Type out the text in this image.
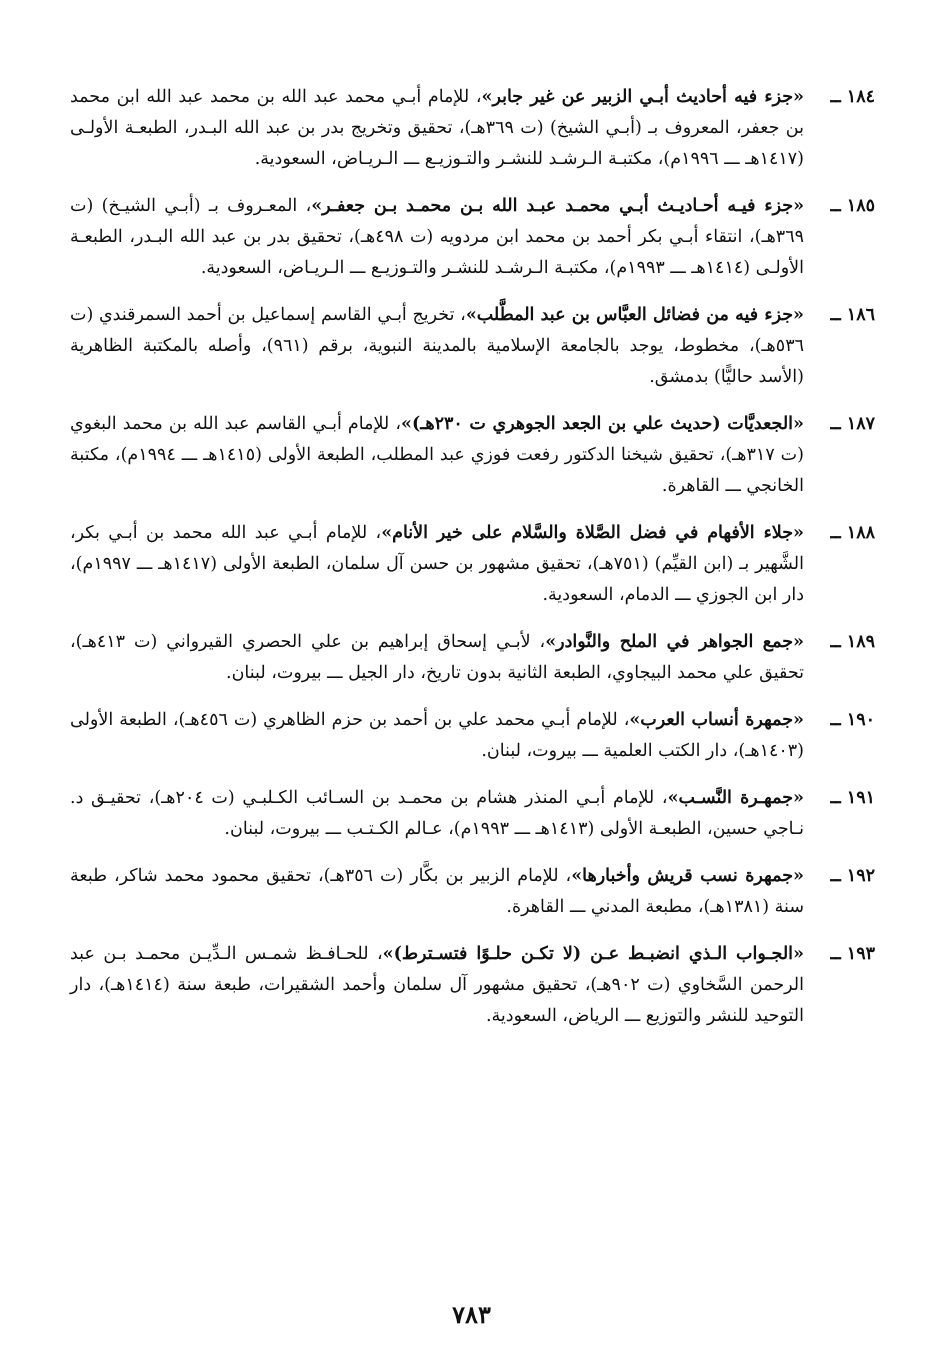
١٨٤ ــ
«جزء فيه أحاديث أبـي الزبير عن غير جابر»، للإمام أبـي محمد عبد الله بن محمد عبد الله ابن محمد بن جعفر، المعروف بـ (أبـي الشيخ) (ت ٣٦٩هـ)، تحقيق وتخريج بدر بن عبد الله البـدر، الطبعـة الأولـى (١٤١٧هـ ـــ ١٩٩٦م)، مكتبـة الـرشـد للنشـر والتـوزيـع ـــ الـريـاض، السعودية.
١٨٥ ــ
«جزء فيـه أحـاديـث أبـي محمـد عبـد الله بـن محمـد بـن جعفـر»، المعـروف بـ (أبـي الشيـخ) (ت ٣٦٩هـ)، انتقاء أبـي بكر أحمد بن محمد ابن مردويه (ت ٤٩٨هـ)، تحقيق بدر بن عبد الله البـدر، الطبعـة الأولـى (١٤١٤هـ ـــ ١٩٩٣م)، مكتبـة الـرشـد للنشـر والتـوزيـع ـــ الـريـاض، السعودية.
١٨٦ ــ
«جزء فيه من فضائل العبَّاس بن عبد المطَّلب»، تخريج أبـي القاسم إسماعيل بن أحمد السمرقندي (ت ٥٣٦هـ)، مخطوط، يوجد بالجامعة الإسلامية بالمدينة النبوية، برقم (٩٦١)، وأصله بالمكتبة الظاهرية (الأسد حاليًّا) بدمشق.
١٨٧ ــ
«الجعديَّات (حديث علي بن الجعد الجوهري ت ٢٣٠هـ)»، للإمام أبـي القاسم عبد الله بن محمد البغوي (ت ٣١٧هـ)، تحقيق شيخنا الدكتور رفعت فوزي عبد المطلب، الطبعة الأولى (١٤١٥هـ ـــ ١٩٩٤م)، مكتبة الخانجي ـــ القاهرة.
١٨٨ ــ
«جلاء الأفهام في فضل الصَّلاة والسَّلام على خير الأنام»، للإمام أبـي عبد الله محمد بن أبـي بكر، الشَّهير بـ (ابن القيِّم) (٧٥١هـ)، تحقيق مشهور بن حسن آل سلمان، الطبعة الأولى (١٤١٧هـ ـــ ١٩٩٧م)، دار ابن الجوزي ـــ الدمام، السعودية.
١٨٩ ــ
«جمع الجواهر في الملح والنَّوادر»، لأبـي إسحاق إبراهيم بن علي الحصري القيرواني (ت ٤١٣هـ)، تحقيق علي محمد البيجاوي، الطبعة الثانية بدون تاريخ، دار الجيل ـــ بيروت، لبنان.
١٩٠ ــ
«جمهرة أنساب العرب»، للإمام أبـي محمد علي بن أحمد بن حزم الظاهري (ت ٤٥٦هـ)، الطبعة الأولى (١٤٠٣هـ)، دار الكتب العلمية ـــ بيروت، لبنان.
١٩١ ــ
«جمهـرة النَّسـب»، للإمام أبـي المنذر هشام بن محمـد بن السـائب الكـلبـي (ت ٢٠٤هـ)، تحقيـق د. نـاجي حسين، الطبعـة الأولى (١٤١٣هـ ـــ ١٩٩٣م)، عـالم الكـتـب ـــ بيروت، لبنان.
١٩٢ ــ
«جمهرة نسب قريش وأخبارها»، للإمام الزبير بن بكَّار (ت ٣٥٦هـ)، تحقيق محمود محمد شاكر، طبعة سنة (١٣٨١هـ)، مطبعة المدني ـــ القاهرة.
١٩٣ ــ
«الجـواب الـذي انضبـط عـن (لا تكـن حلـوًا فتسـترط)»، للحـافـظ شمـس الـدِّيـن محمـد بـن عبد الرحمن السَّخاوي (ت ٩٠٢هـ)، تحقيق مشهور آل سلمان وأحمد الشقيرات، طبعة سنة (١٤١٤هـ)، دار التوحيد للنشر والتوزيع ـــ الرياض، السعودية.
٧٨٣
